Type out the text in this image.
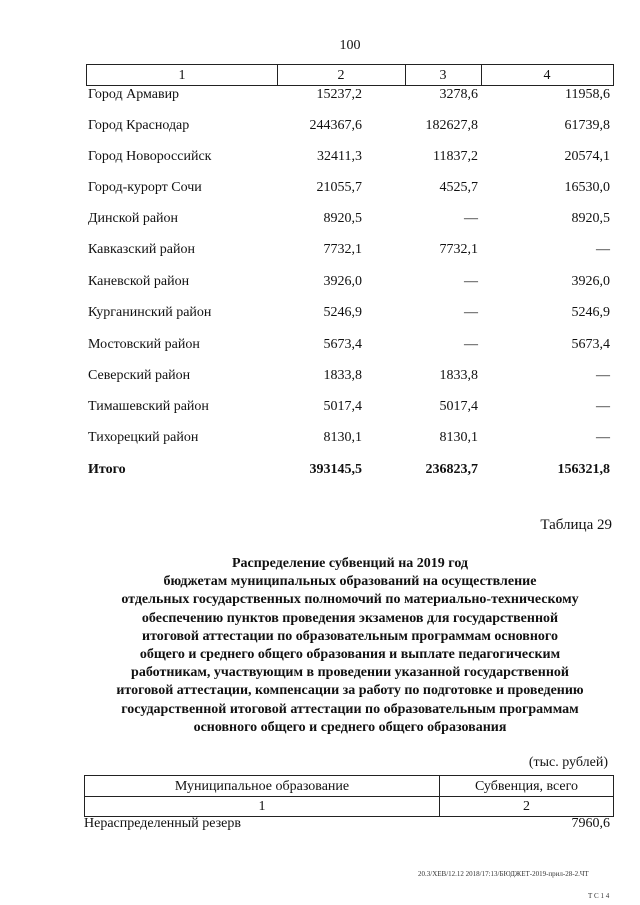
100
1	2	3	4
Город Армавир	15237,2	3278,6	11958,6
Город Краснодар	244367,6	182627,8	61739,8
Город Новороссийск	32411,3	11837,2	20574,1
Город-курорт Сочи	21055,7	4525,7	16530,0
Динской район	8920,5	—	8920,5
Кавказский район	7732,1	7732,1	—
Каневской район	3926,0	—	3926,0
Курганинский район	5246,9	—	5246,9
Мостовский район	5673,4	—	5673,4
Северский район	1833,8	1833,8	—
Тимашевский район	5017,4	5017,4	—
Тихорецкий район	8130,1	8130,1	—
Итого	393145,5	236823,7	156321,8
Таблица 29
Распределение субвенций на 2019 год
бюджетам муниципальных образований на осуществление
отдельных государственных полномочий по материально-техническому
обеспечению пунктов проведения экзаменов для государственной
итоговой аттестации по образовательным программам основного
общего и среднего общего образования и выплате педагогическим
работникам, участвующим в проведении указанной государственной
итоговой аттестации, компенсации за работу по подготовке и проведению
государственной итоговой аттестации по образовательным программам
основного общего и среднего общего образования
(тыс. рублей)
Муниципальное образование	Субвенция, всего
1	2
Нераспределенный резерв	7960,6
20.3/ХЕВ/12.12 2018/17:13/БЮДЖЕТ-2019-прил-28-2.ЧТ
Т С 1 4
